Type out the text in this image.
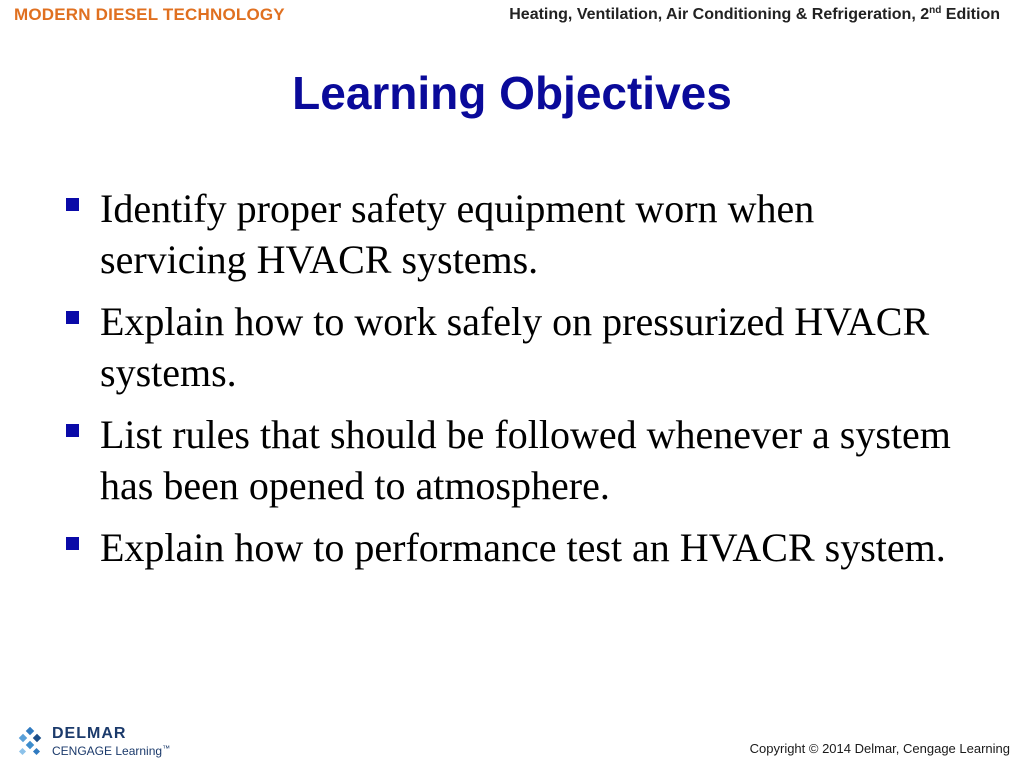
MODERN DIESEL TECHNOLOGY	Heating, Ventilation, Air Conditioning & Refrigeration, 2nd Edition
Learning Objectives
Identify proper safety equipment worn when servicing HVACR systems.
Explain how to work safely on pressurized HVACR systems.
List rules that should be followed whenever a system has been opened to atmosphere.
Explain how to performance test an HVACR system.
DELMAR
CENGAGE Learning™	Copyright © 2014 Delmar, Cengage Learning
